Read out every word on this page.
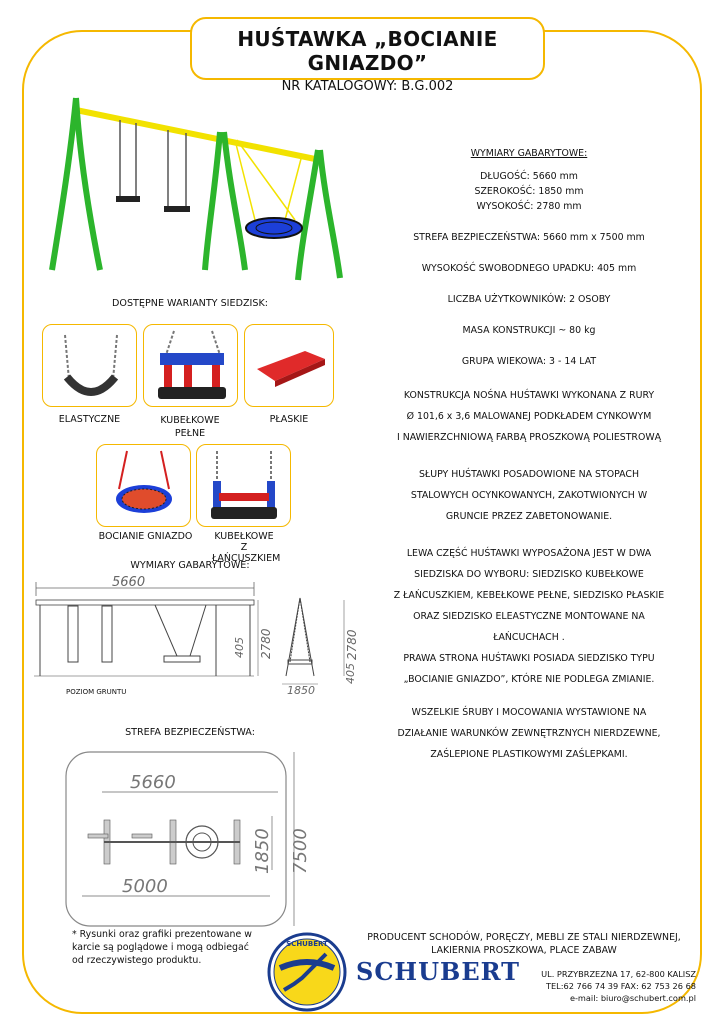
HUŚTAWKA „BOCIANIE GNIAZDO”
NR KATALOGOWY: B.G.002
DOSTĘPNE WARIANTY SIEDZISK:
ELASTYCZNE	KUBEŁKOWE PEŁNE
PŁASKIE
BOCIANIE GNIAZDO KUBEŁKOWE Z ŁAŃCUSZKIEM
WYMIARY GABARYTOWE:
5660
2780
405
1850
2780
405
POZIOM GRUNTU
STREFA BEZPIECZEŃSTWA:
5660
5000
1850 7500
WYMIARY GABARYTOWE:
DŁUGOŚĆ: 5660 mm
SZEROKOŚĆ: 1850 mm
WYSOKOŚĆ: 2780 mm
STREFA BEZPIECZEŃSTWA: 5660 mm x 7500 mm
WYSOKOŚĆ SWOBODNEGO UPADKU: 405 mm
LICZBA UŻYTKOWNIKÓW: 2 OSOBY
MASA KONSTRUKCJI ~ 80 kg
GRUPA WIEKOWA: 3 - 14 LAT
KONSTRUKCJA NOŚNA HUŚTAWKI WYKONANA Z RURY
Ø 101,6 x 3,6 MALOWANEJ PODKŁADEM CYNKOWYM
I NAWIERZCHNIOWĄ FARBĄ PROSZKOWĄ POLIESTROWĄ
SŁUPY HUŚTAWKI POSADOWIONE NA STOPACH
STALOWYCH OCYNKOWANYCH, ZAKOTWIONYCH W
GRUNCIE PRZEZ ZABETONOWANIE.
LEWA CZĘŚĆ HUŚTAWKI WYPOSAŻONA JEST W DWA
SIEDZISKA DO WYBORU: SIEDZISKO KUBEŁKOWE
Z ŁAŃCUSZKIEM, KEBEŁKOWE PEŁNE, SIEDZISKO PŁASKIE
ORAZ SIEDZISKO ELEASTYCZNE MONTOWANE NA
ŁAŃCUCHACH .
PRAWA STRONA HUŚTAWKI POSIADA SIEDZISKO TYPU
„BOCIANIE GNIAZDO”, KTÓRE NIE PODLEGA ZMIANIE.
WSZELKIE ŚRUBY I MOCOWANIA WYSTAWIONE NA
DZIAŁANIE WARUNKÓW ZEWNĘTRZNYCH NIERDZEWNE,
ZAŚLEPIONE PLASTIKOWYMI ZAŚLEPKAMI.
* Rysunki oraz grafiki prezentowane w karcie są poglądowe i mogą odbiegać od rzeczywistego produktu.
PRODUCENT SCHODÓW, PORĘCZY, MEBLI ZE STALI NIERDZEWNEJ,
LAKIERNIA PROSZKOWA, PLACE ZABAW
SCHUBERT
SCHUBERT	UL. PRZYBRZEZNA 17, 62-800 KALISZ
TEL:62 766 74 39 FAX: 62 753 26 68
e-mail: biuro@schubert.com.pl
